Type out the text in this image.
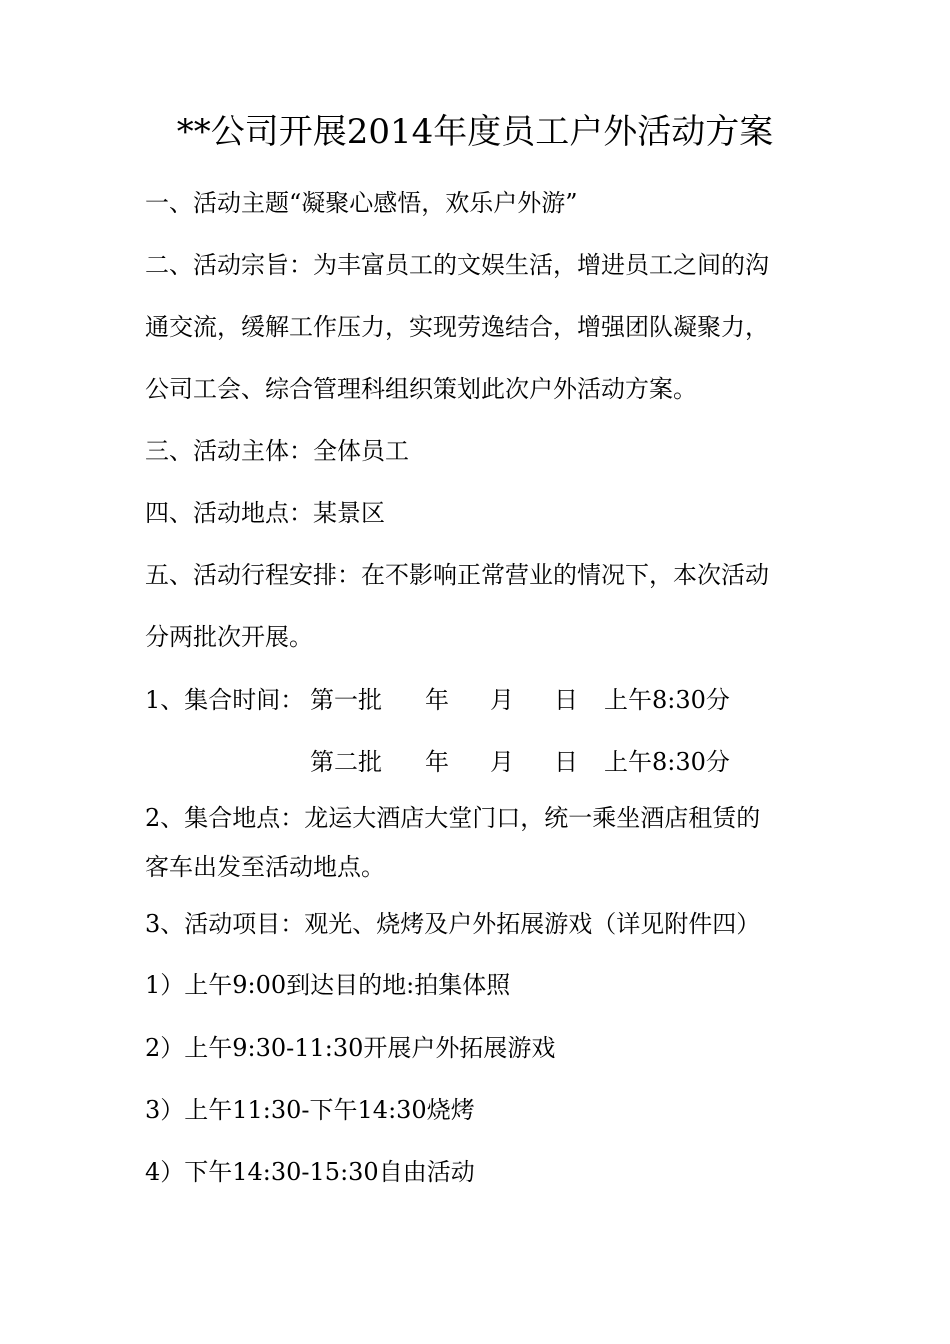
**公司开展2014年度员工户外活动方案
一、活动主题“凝聚心感悟，欢乐户外游”
二、活动宗旨：为丰富员工的文娱生活，增进员工之间的沟
通交流，缓解工作压力，实现劳逸结合，增强团队凝聚力，
公司工会、综合管理科组织策划此次户外活动方案。
三、活动主体：全体员工
四、活动地点：某景区
五、活动行程安排：在不影响正常营业的情况下，本次活动
分两批次开展。
1、集合时间： 第一批 年 月 日 上午8:30分
第二批 年 月 日 上午8:30分
2、集合地点：龙运大酒店大堂门口，统一乘坐酒店租赁的
客车出发至活动地点。
3、活动项目：观光、烧烤及户外拓展游戏（详见附件四）
1）上午9:00到达目的地:拍集体照
2）上午9:30-11:30开展户外拓展游戏
3）上午11:30-下午14:30烧烤
4）下午14:30-15:30自由活动
